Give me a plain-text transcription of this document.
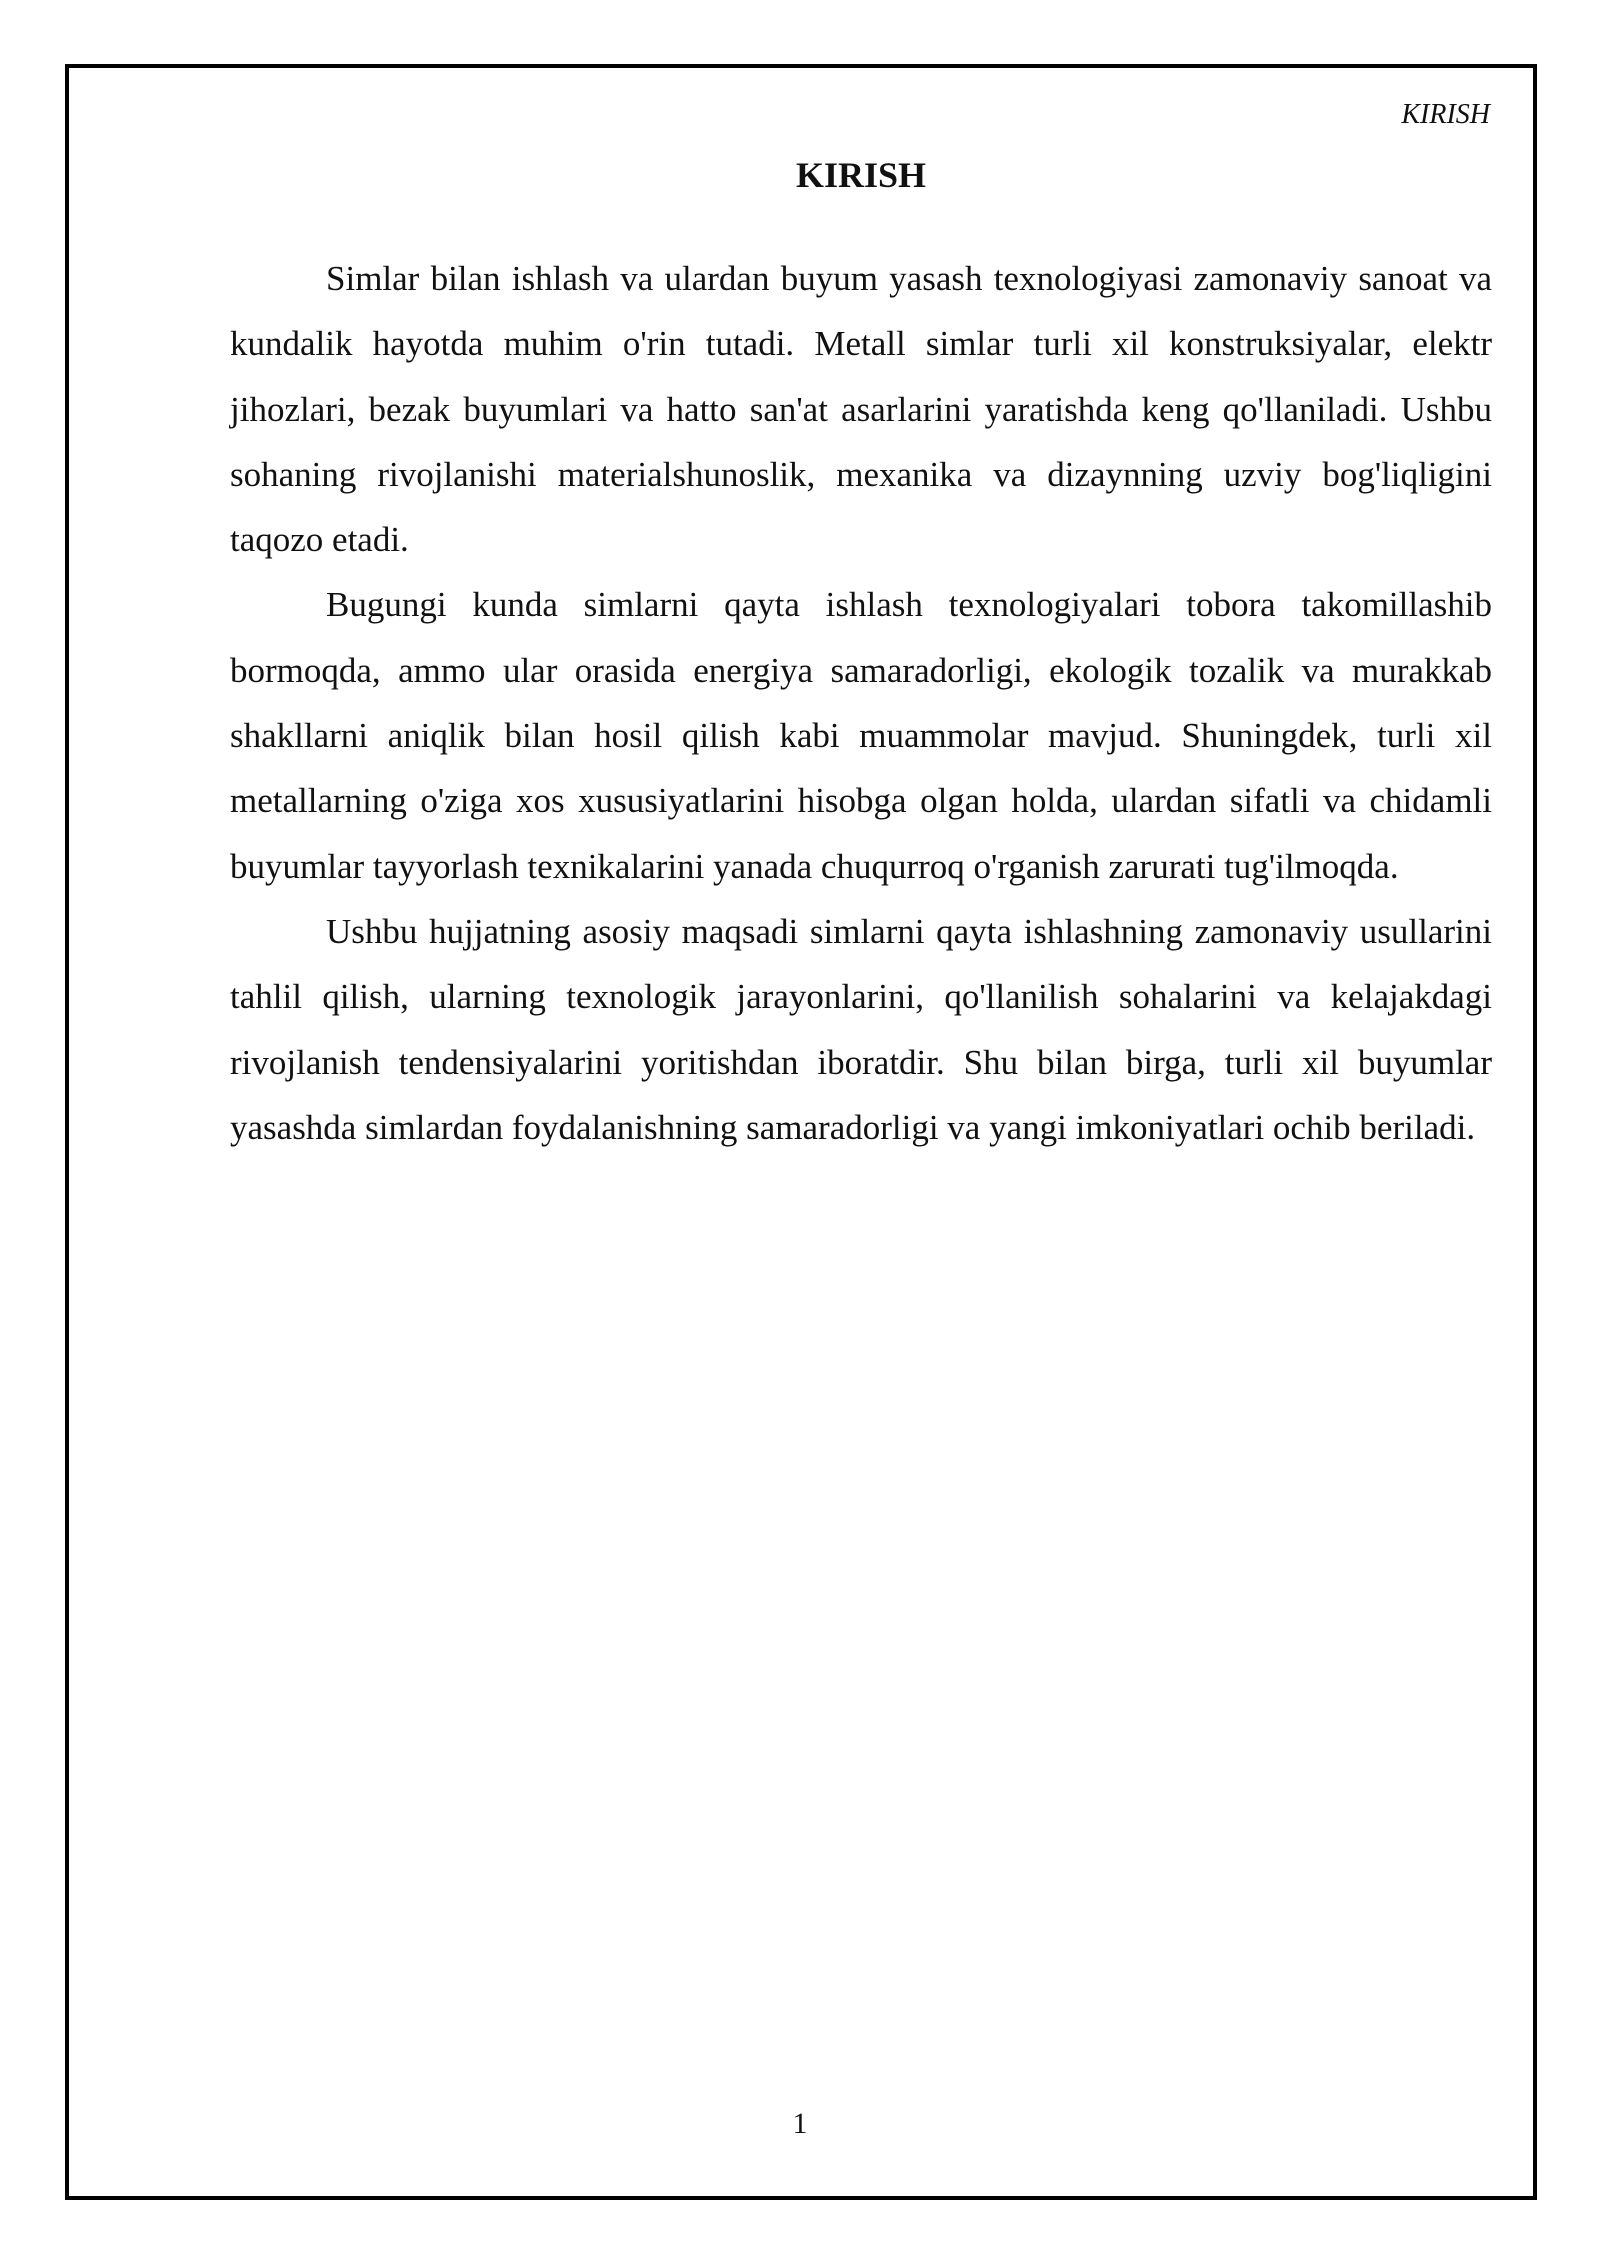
KIRISH
KIRISH

Simlar bilan ishlash va ulardan buyum yasash texnologiyasi zamonaviy sanoat va kundalik hayotda muhim o'rin tutadi. Metall simlar turli xil konstruksiyalar, elektr jihozlari, bezak buyumlari va hatto san'at asarlarini yaratishda keng qo'llaniladi. Ushbu sohaning rivojlanishi materialshunoslik, mexanika va dizaynning uzviy bog'liqligini taqozo etadi.

Bugungi kunda simlarni qayta ishlash texnologiyalari tobora takomillashib bormoqda, ammo ular orasida energiya samaradorligi, ekologik tozalik va murakkab shakllarni aniqlik bilan hosil qilish kabi muammolar mavjud. Shuningdek, turli xil metallarning o'ziga xos xususiyatlarini hisobga olgan holda, ulardan sifatli va chidamli buyumlar tayyorlash texnikalarini yanada chuqurroq o'rganish zarurati tug'ilmoqda.

Ushbu hujjatning asosiy maqsadi simlarni qayta ishlashning zamonaviy usullarini tahlil qilish, ularning texnologik jarayonlarini, qo'llanilish sohalarini va kelajakdagi rivojlanish tendensiyalarini yoritishdan iboratdir. Shu bilan birga, turli xil buyumlar yasashda simlardan foydalanishning samaradorligi va yangi imkoniyatlari ochib beriladi.

1
